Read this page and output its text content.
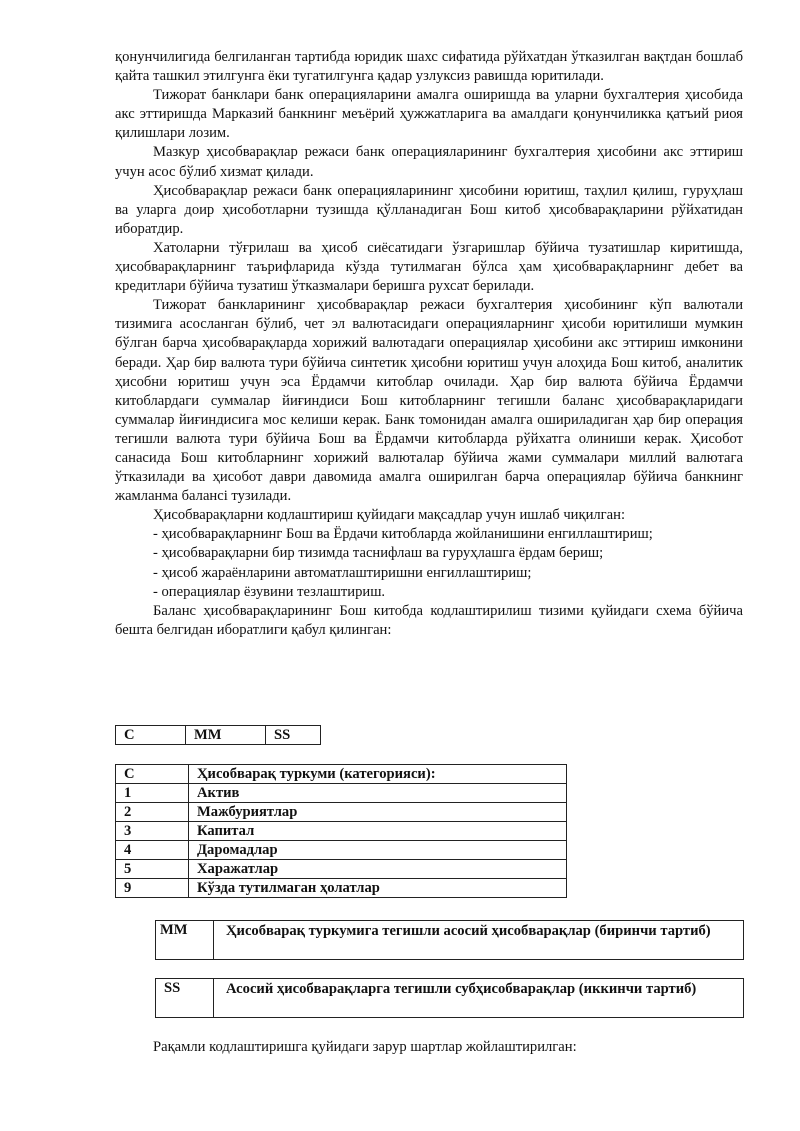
қонунчилигида белгиланган тартибда юридик шахс сифатида рўйхатдан ўтказилган вақтдан бошлаб қайта ташкил этилгунга ёки тугатилгунга қадар узлуксиз равишда юритилади.

Тижорат банклари банк операцияларини амалга оширишда ва уларни бухгалтерия ҳисобида акс эттиришда Марказий банкнинг меъёрий ҳужжатларига ва амалдаги қонунчиликка қатъий риоя қилишлари лозим.

Мазкур ҳисобварақлар режаси банк операцияларининг бухгалтерия ҳисобини акс эттириш учун асос бўлиб хизмат қилади.

Ҳисобварақлар режаси банк операцияларининг ҳисобини юритиш, таҳлил қилиш, гуруҳлаш ва уларга доир ҳисоботларни тузишда қўлланадиган Бош китоб ҳисобварақларини рўйхатидан иборатдир.

Хатоларни тўғрилаш ва ҳисоб сиёсатидаги ўзгаришлар бўйича тузатишлар киритишда, ҳисобварақларнинг таърифларида кўзда тутилмаган бўлса ҳам ҳисобварақларнинг дебет ва кредитлари бўйича тузатиш ўтказмалари беришга рухсат берилади.

Тижорат банкларининг ҳисобварақлар режаси бухгалтерия ҳисобининг кўп валютали тизимига асосланган бўлиб, чет эл валютасидаги операцияларнинг ҳисоби юритилиши мумкин бўлган барча ҳисобварақларда хорижий валютадаги операциялар ҳисобини акс эттириш имконини беради. Ҳар бир валюта тури бўйича синтетик ҳисобни юритиш учун алоҳида Бош китоб, аналитик ҳисобни юритиш учун эса Ёрдамчи китоблар очилади. Ҳар бир валюта бўйича Ёрдамчи китоблардаги суммалар йиғиндиси Бош китобларнинг тегишли баланс ҳисобварақларидаги суммалар йиғиндисига мос келиши керак. Банк томонидан амалга ошириладиган ҳар бир операция тегишли валюта тури бўйича Бош ва Ёрдамчи китобларда рўйхатга олиниши керак. Ҳисобот санасида Бош китобларнинг хорижий валюталар бўйича жами суммалари миллий валютага ўтказилади ва ҳисобот даври давомида амалга оширилган барча операциялар бўйича банкнинг жамланма балансi тузилади.

Ҳисобварақларни кодлаштириш қуйидаги мақсадлар учун ишлаб чиқилган:

- ҳисобварақларнинг Бош ва Ёрдачи китобларда жойланишини енгиллаштириш;

- ҳисобварақларни бир тизимда таснифлаш ва гуруҳлашга ёрдам бериш;

- ҳисоб жараёнларини автоматлаштиришни енгиллаштириш;

- операциялар ёзувини тезлаштириш.

Баланс ҳисобварақларининг Бош китобда кодлаштирилиш тизими қуйидаги схема бўйича бешта белгидан иборатлиги қабул қилинган:

C	MM	SS
C	Ҳисобварақ туркуми (категорияси):
1	Актив
2	Мажбуриятлар
3	Капитал
4	Даромадлар
5	Харажатлар
9	Кўзда тутилмаган ҳолатлар
MM	Ҳисобварақ туркумига тегишли асосий ҳисобварақлар (биринчи тартиб)
SS	Асосий ҳисобварақларга тегишли субҳисобварақлар (иккинчи тартиб)

Рақамли кодлаштиришга қуйидаги зарур шартлар жойлаштирилган:
